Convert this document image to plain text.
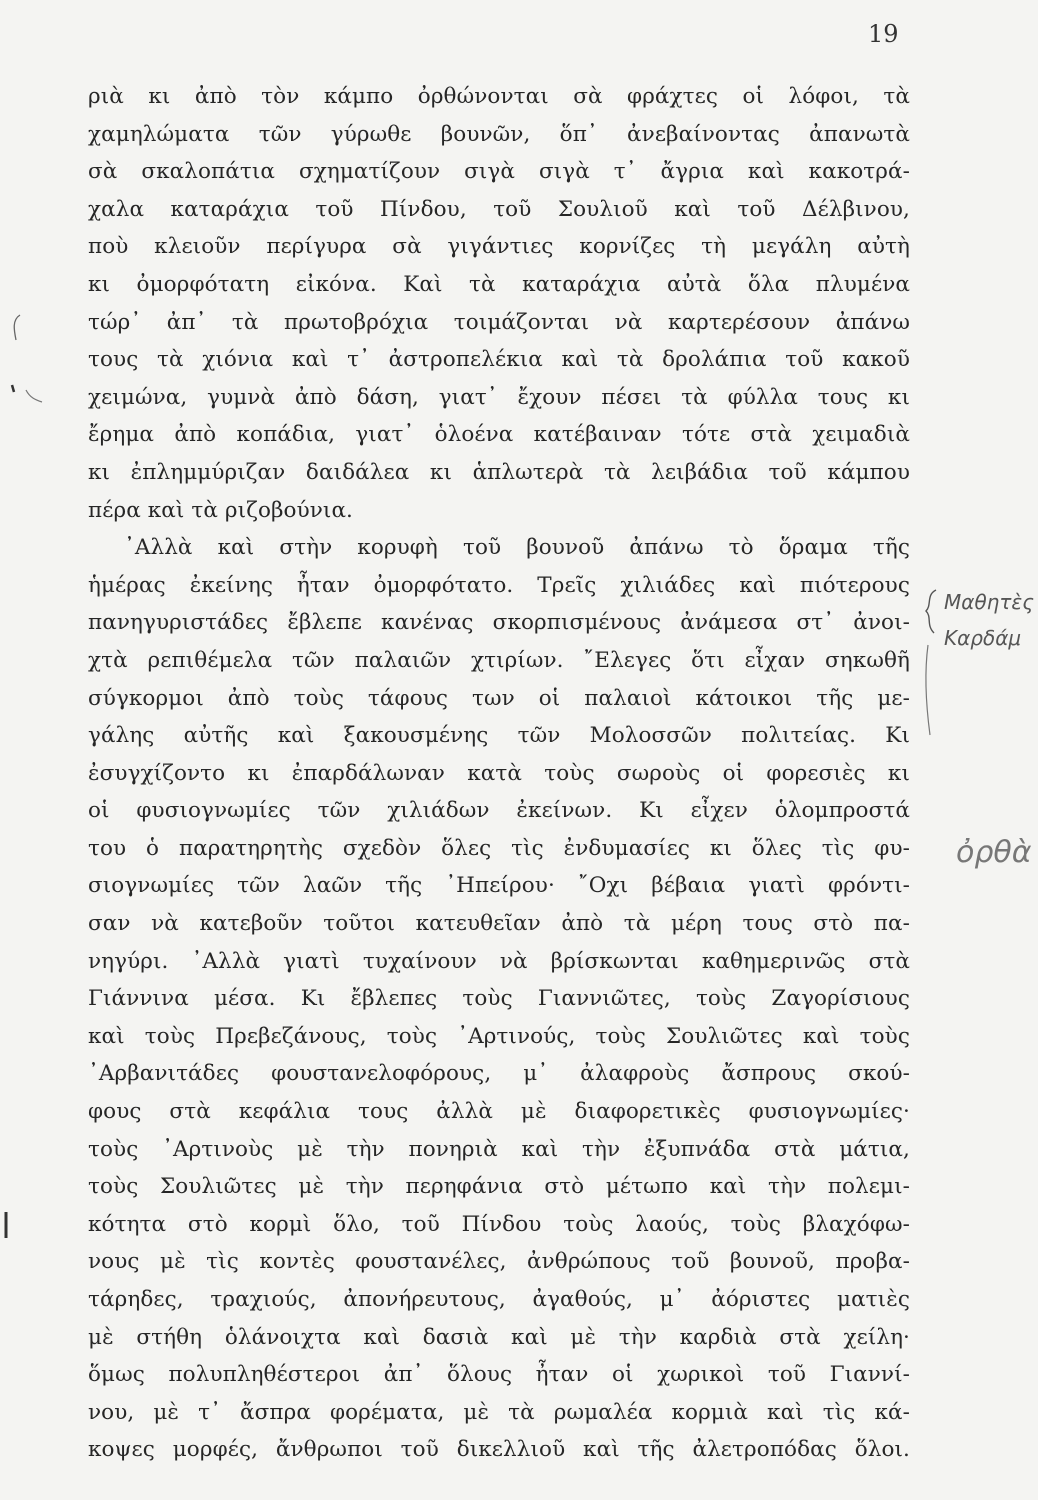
19
ριὰ κι ἀπὸ τὸν κάμπο ὀρθώνονται σὰ φράχτες οἱ λόφοι, τὰ
χαμηλώματα τῶν γύρωθε βουνῶν, ὅπ᾿ ἀνεβαίνοντας ἀπανωτὰ
σὰ σκαλοπάτια σχηματίζουν σιγὰ σιγὰ τ᾿ ἄγρια καὶ κακοτρά-
χαλα καταράχια τοῦ Πίνδου, τοῦ Σουλιοῦ καὶ τοῦ Δέλβινου,
ποὺ κλειοῦν περίγυρα σὰ γιγάντιες κορνίζες τὴ μεγάλη αὐτὴ
κι ὀμορφότατη εἰκόνα. Καὶ τὰ καταράχια αὐτὰ ὅλα πλυμένα
τώρ᾿ ἀπ᾿ τὰ πρωτοβρόχια τοιμάζονται νὰ καρτερέσουν ἀπάνω
τους τὰ χιόνια καὶ τ᾿ ἀστροπελέκια καὶ τὰ δρολάπια τοῦ κακοῦ
χειμώνα, γυμνὰ ἀπὸ δάση, γιατ᾿ ἔχουν πέσει τὰ φύλλα τους κι
ἔρημα ἀπὸ κοπάδια, γιατ᾿ ὁλοένα κατέβαιναν τότε στὰ χειμαδιὰ
κι ἐπλημμύριζαν δαιδάλεα κι ἁπλωτερὰ τὰ λειβάδια τοῦ κάμπου
πέρα καὶ τὰ ριζοβούνια.
᾿Αλλὰ καὶ στὴν κορυφὴ τοῦ βουνοῦ ἀπάνω τὸ ὅραμα τῆς
ἡμέρας ἐκείνης ἦταν ὀμορφότατο. Τρεῖς χιλιάδες καὶ πιότερους
πανηγυριστάδες ἔβλεπε κανένας σκορπισμένους ἀνάμεσα στ᾿ ἀνοι-
χτὰ ρεπιθέμελα τῶν παλαιῶν χτιρίων. ῎Ελεγες ὅτι εἶχαν σηκωθῆ
σύγκορμοι ἀπὸ τοὺς τάφους των οἱ παλαιοὶ κάτοικοι τῆς με-
γάλης αὐτῆς καὶ ξακουσμένης τῶν Μολοσσῶν πολιτείας. Κι
ἐσυγχίζοντο κι ἐπαρδάλωναν κατὰ τοὺς σωροὺς οἱ φορεσιὲς κι
οἱ φυσιογνωμίες τῶν χιλιάδων ἐκείνων. Κι εἶχεν ὁλομπροστά
του ὁ παρατηρητὴς σχεδὸν ὅλες τὶς ἐνδυμασίες κι ὅλες τὶς φυ-
σιογνωμίες τῶν λαῶν τῆς ᾿Ηπείρου· ῎Οχι βέβαια γιατὶ φρόντι-
σαν νὰ κατεβοῦν τοῦτοι κατευθεῖαν ἀπὸ τὰ μέρη τους στὸ πα-
νηγύρι. ᾿Αλλὰ γιατὶ τυχαίνουν νὰ βρίσκωνται καθημερινῶς στὰ
Γιάννινα μέσα. Κι ἔβλεπες τοὺς Γιαννιῶτες, τοὺς Ζαγορίσιους
καὶ τοὺς Πρεβεζάνους, τοὺς ᾿Αρτινούς, τοὺς Σουλιῶτες καὶ τοὺς
᾿Αρβανιτάδες φουστανελοφόρους, μ᾿ ἀλαφροὺς ἄσπρους σκού-
φους στὰ κεφάλια τους ἀλλὰ μὲ διαφορετικὲς φυσιογνωμίες·
τοὺς ᾿Αρτινοὺς μὲ τὴν πονηριὰ καὶ τὴν ἐξυπνάδα στὰ μάτια,
τοὺς Σουλιῶτες μὲ τὴν περηφάνια στὸ μέτωπο καὶ τὴν πολεμι-
κότητα στὸ κορμὶ ὅλο, τοῦ Πίνδου τοὺς λαούς, τοὺς βλαχόφω-
νους μὲ τὶς κοντὲς φουστανέλες, ἀνθρώπους τοῦ βουνοῦ, προβα-
τάρηδες, τραχιούς, ἀπονήρευτους, ἀγαθούς, μ᾿ ἀόριστες ματιὲς
μὲ στήθη ὁλάνοιχτα καὶ δασιὰ καὶ μὲ τὴν καρδιὰ στὰ χείλη·
ὅμως πολυπληθέστεροι ἀπ᾿ ὅλους ἦταν οἱ χωρικοὶ τοῦ Γιαννί-
νου, μὲ τ᾿ ἄσπρα φορέματα, μὲ τὰ ρωμαλέα κορμιὰ καὶ τὶς κά-
κοψες μορφές, ἄνθρωποι τοῦ δικελλιοῦ καὶ τῆς ἀλετροπόδας ὅλοι.
Μαθητὲς
Καρδάμ
ὀρθὰ
